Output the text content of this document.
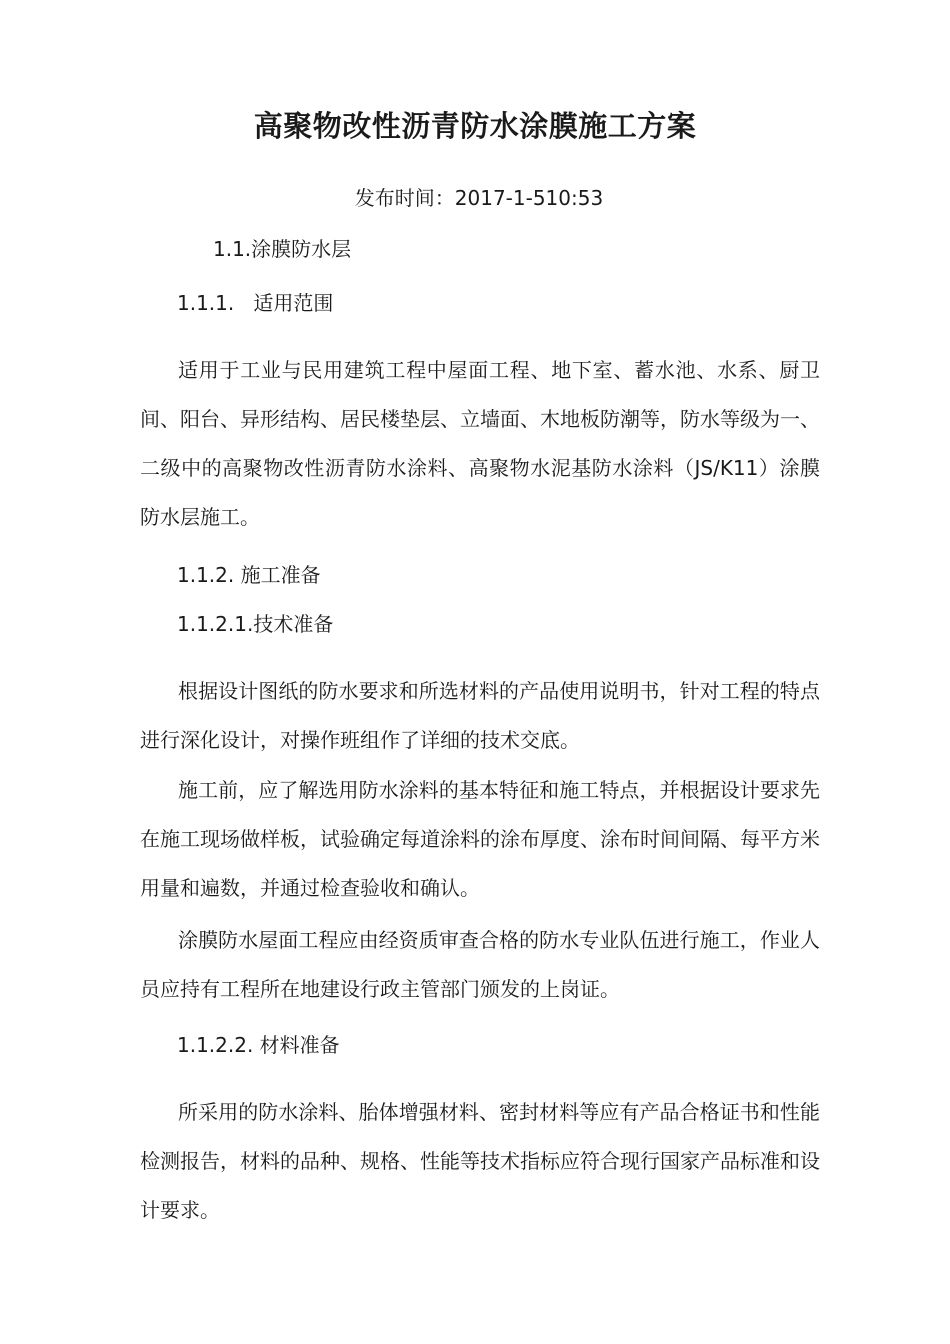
高聚物改性沥青防水涂膜施工方案
发布时间：2017-1-510:53
1.1.涂膜防水层
1.1.1.   适用范围

适用于工业与民用建筑工程中屋面工程、地下室、蓄水池、水系、厨卫间、阳台、异形结构、居民楼垫层、立墙面、木地板防潮等，防水等级为一、二级中的高聚物改性沥青防水涂料、高聚物水泥基防水涂料（JS/K11）涂膜防水层施工。

1.1.2. 施工准备
1.1.2.1.技术准备

根据设计图纸的防水要求和所选材料的产品使用说明书，针对工程的特点进行深化设计，对操作班组作了详细的技术交底。

施工前，应了解选用防水涂料的基本特征和施工特点，并根据设计要求先在施工现场做样板，试验确定每道涂料的涂布厚度、涂布时间间隔、每平方米用量和遍数，并通过检查验收和确认。

涂膜防水屋面工程应由经资质审查合格的防水专业队伍进行施工，作业人员应持有工程所在地建设行政主管部门颁发的上岗证。

1.1.2.2. 材料准备

所采用的防水涂料、胎体增强材料、密封材料等应有产品合格证书和性能检测报告，材料的品种、规格、性能等技术指标应符合现行国家产品标准和设计要求。
